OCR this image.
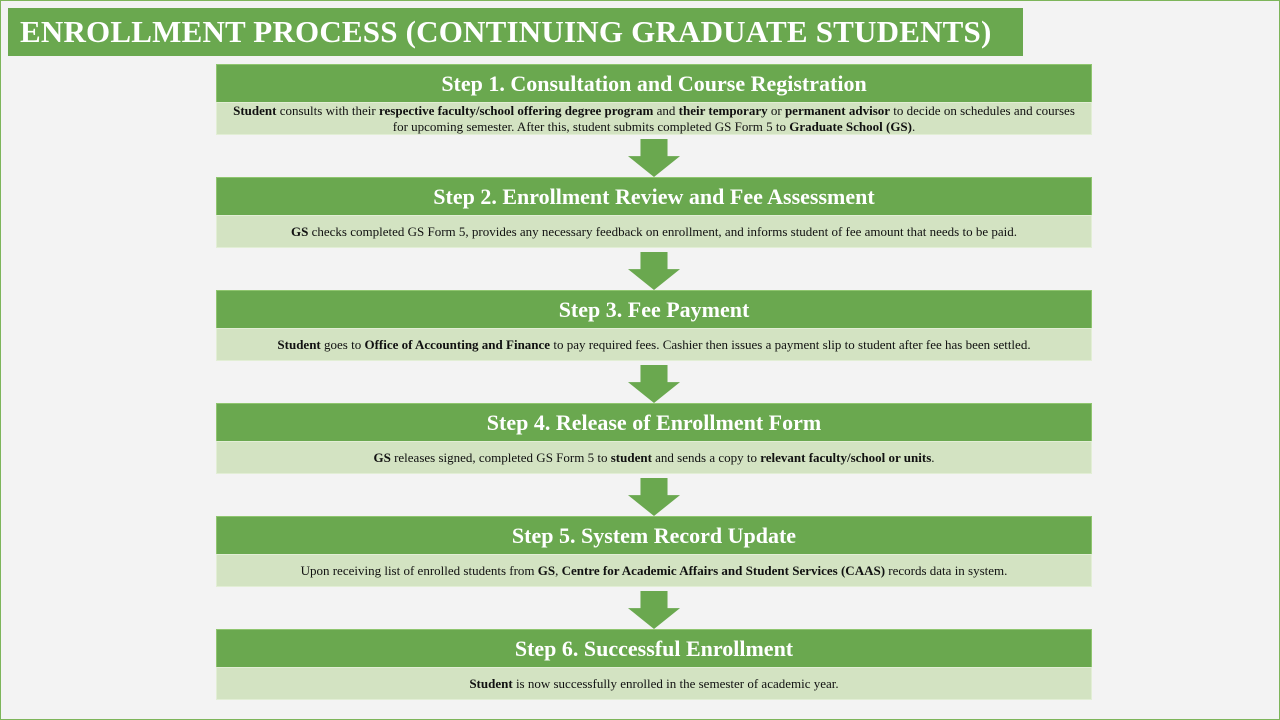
ENROLLMENT PROCESS (CONTINUING GRADUATE STUDENTS)
Step 1. Consultation and Course Registration
Student consults with their respective faculty/school offering degree program and their temporary or permanent advisor to decide on schedules and courses for upcoming semester. After this, student submits completed GS Form 5 to Graduate School (GS).
Step 2. Enrollment Review and Fee Assessment
GS checks completed GS Form 5, provides any necessary feedback on enrollment, and informs student of fee amount that needs to be paid.
Step 3. Fee Payment
Student goes to Office of Accounting and Finance to pay required fees. Cashier then issues a payment slip to student after fee has been settled.
Step 4. Release of Enrollment Form
GS releases signed, completed GS Form 5 to student and sends a copy to relevant faculty/school or units.
Step 5. System Record Update
Upon receiving list of enrolled students from GS, Centre for Academic Affairs and Student Services (CAAS) records data in system.
Step 6. Successful Enrollment
Student is now successfully enrolled in the semester of academic year.
